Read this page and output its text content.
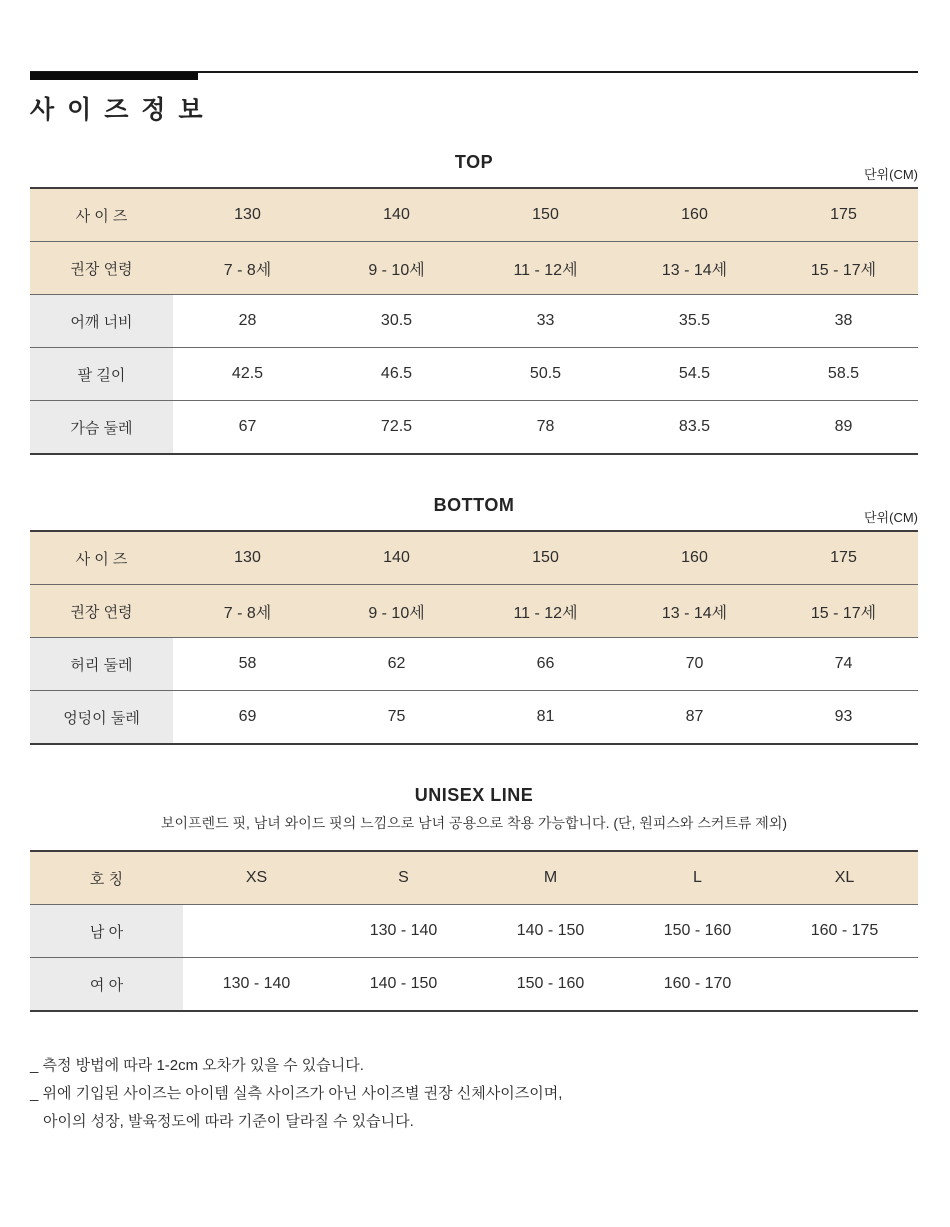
사 이 즈 정 보
TOP
단위(CM)
사 이 즈	130	140	150	160	175
권장 연령	7 - 8세	9 - 10세	11 - 12세	13 - 14세	15 - 17세
어깨 너비	28	30.5	33	35.5	38
팔 길이	42.5	46.5	50.5	54.5	58.5
가슴 둘레	67	72.5	78	83.5	89
BOTTOM
단위(CM)
사 이 즈	130	140	150	160	175
권장 연령	7 - 8세	9 - 10세	11 - 12세	13 - 14세	15 - 17세
허리 둘레	58	62	66	70	74
엉덩이 둘레	69	75	81	87	93
UNISEX LINE

보이프렌드 핏, 남녀 와이드 핏의 느낌으로 남녀 공용으로 착용 가능합니다. (단, 원피스와 스커트류 제외)

호 칭	XS	S	M	L	XL
남 아		130 - 140	140 - 150	150 - 160	160 - 175
여 아	130 - 140	140 - 150	150 - 160	160 - 170	
_ 측정 방법에 따라 1-2cm 오차가 있을 수 있습니다.
_ 위에 기입된 사이즈는 아이템 실측 사이즈가 아닌 사이즈별 권장 신체사이즈이며,
아이의 성장, 발육정도에 따라 기준이 달라질 수 있습니다.
